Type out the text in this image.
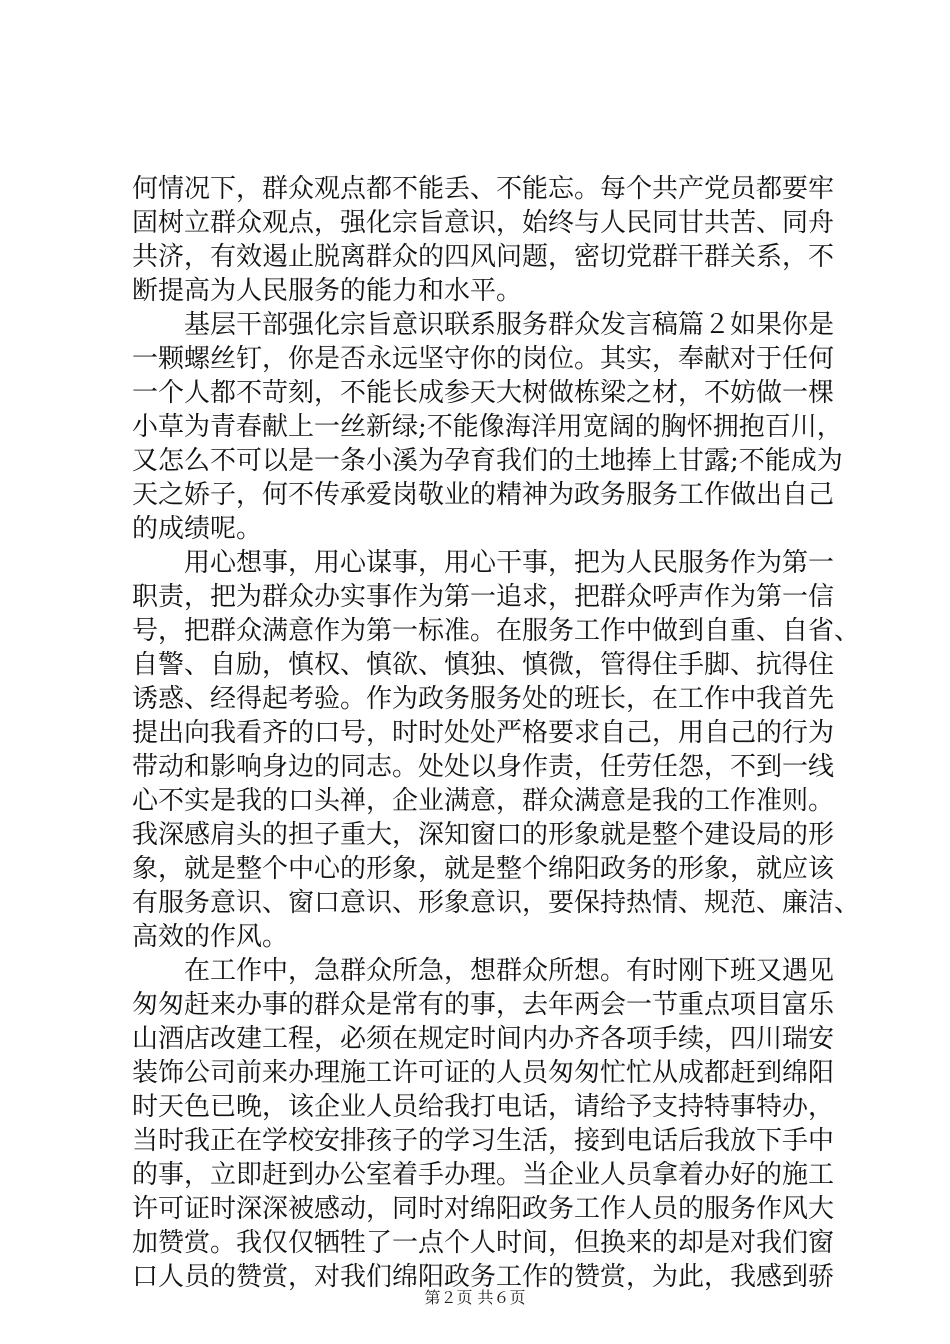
何情况下，群众观点都不能丢、不能忘。每个共产党员都要牢
固树立群众观点，强化宗旨意识，始终与人民同甘共苦、同舟
共济，有效遏止脱离群众的四风问题，密切党群干群关系，不
断提高为人民服务的能力和水平。
基层干部强化宗旨意识联系服务群众发言稿篇２如果你是
一颗螺丝钉，你是否永远坚守你的岗位。其实，奉献对于任何
一个人都不苛刻，不能长成参天大树做栋梁之材，不妨做一棵
小草为青春献上一丝新绿;不能像海洋用宽阔的胸怀拥抱百川，
又怎么不可以是一条小溪为孕育我们的土地捧上甘露;不能成为
天之娇子，何不传承爱岗敬业的精神为政务服务工作做出自己
的成绩呢。
用心想事，用心谋事，用心干事，把为人民服务作为第一
职责，把为群众办实事作为第一追求，把群众呼声作为第一信
号，把群众满意作为第一标准。在服务工作中做到自重、自省、
自警、自励，慎权、慎欲、慎独、慎微，管得住手脚、抗得住
诱惑、经得起考验。作为政务服务处的班长，在工作中我首先
提出向我看齐的口号，时时处处严格要求自己，用自己的行为
带动和影响身边的同志。处处以身作责，任劳任怨，不到一线
心不实是我的口头禅，企业满意，群众满意是我的工作准则。
我深感肩头的担子重大，深知窗口的形象就是整个建设局的形
象，就是整个中心的形象，就是整个绵阳政务的形象，就应该
有服务意识、窗口意识、形象意识，要保持热情、规范、廉洁、
高效的作风。
在工作中，急群众所急，想群众所想。有时刚下班又遇见
匆匆赶来办事的群众是常有的事，去年两会一节重点项目富乐
山酒店改建工程，必须在规定时间内办齐各项手续，四川瑞安
装饰公司前来办理施工许可证的人员匆匆忙忙从成都赶到绵阳
时天色已晚，该企业人员给我打电话，请给予支持特事特办，
当时我正在学校安排孩子的学习生活，接到电话后我放下手中
的事，立即赶到办公室着手办理。当企业人员拿着办好的施工
许可证时深深被感动，同时对绵阳政务工作人员的服务作风大
加赞赏。我仅仅牺牲了一点个人时间，但换来的却是对我们窗
口人员的赞赏，对我们绵阳政务工作的赞赏，为此，我感到骄
第２页 共６页
